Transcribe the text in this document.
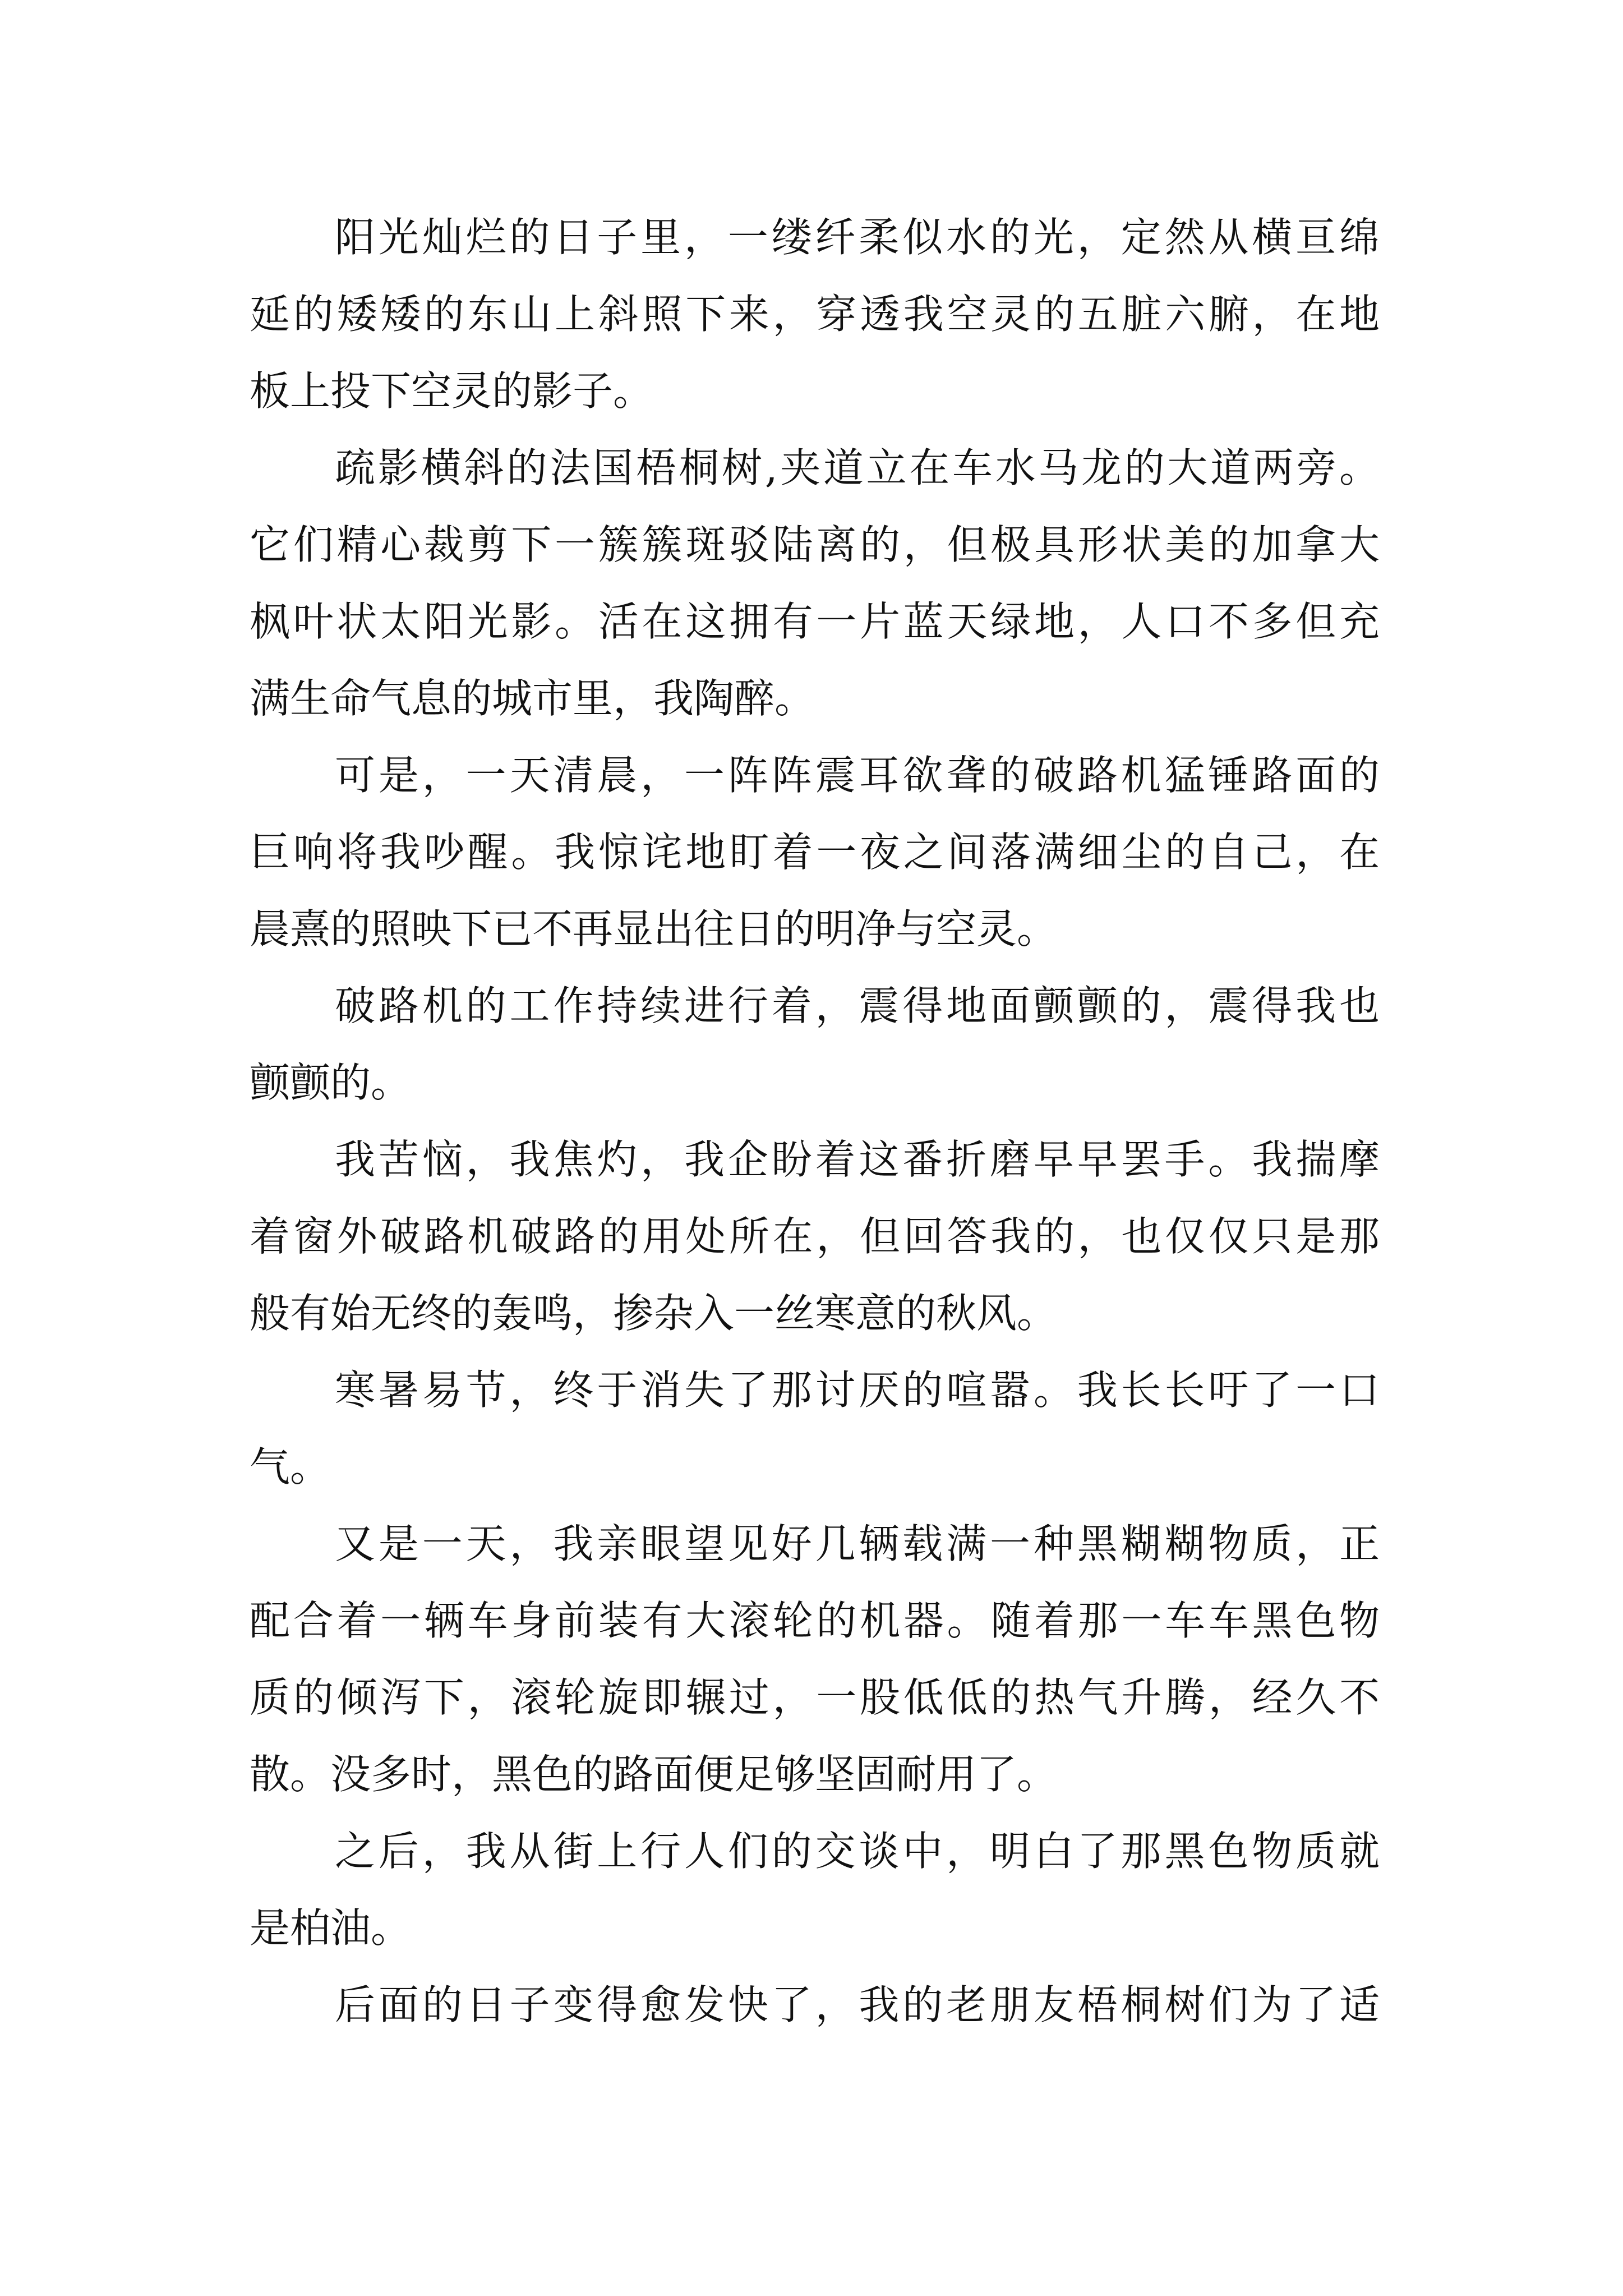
阳光灿烂的日子里，一缕纤柔似水的光，定然从横亘绵
延的矮矮的东山上斜照下来，穿透我空灵的五脏六腑，在地
板上投下空灵的影子。
疏影横斜的法国梧桐树,夹道立在车水马龙的大道两旁。
它们精心裁剪下一簇簇斑驳陆离的，但极具形状美的加拿大
枫叶状太阳光影。活在这拥有一片蓝天绿地，人口不多但充
满生命气息的城市里，我陶醉。
可是，一天清晨，一阵阵震耳欲聋的破路机猛锤路面的
巨响将我吵醒。我惊诧地盯着一夜之间落满细尘的自己，在
晨熹的照映下已不再显出往日的明净与空灵。
破路机的工作持续进行着，震得地面颤颤的，震得我也
颤颤的。
我苦恼，我焦灼，我企盼着这番折磨早早罢手。我揣摩
着窗外破路机破路的用处所在，但回答我的，也仅仅只是那
般有始无终的轰鸣，掺杂入一丝寒意的秋风。
寒暑易节，终于消失了那讨厌的喧嚣。我长长吁了一口
气。
又是一天，我亲眼望见好几辆载满一种黑糊糊物质，正
配合着一辆车身前装有大滚轮的机器。随着那一车车黑色物
质的倾泻下，滚轮旋即辗过，一股低低的热气升腾，经久不
散。没多时，黑色的路面便足够坚固耐用了。
之后，我从街上行人们的交谈中，明白了那黑色物质就
是柏油。
后面的日子变得愈发快了，我的老朋友梧桐树们为了适
